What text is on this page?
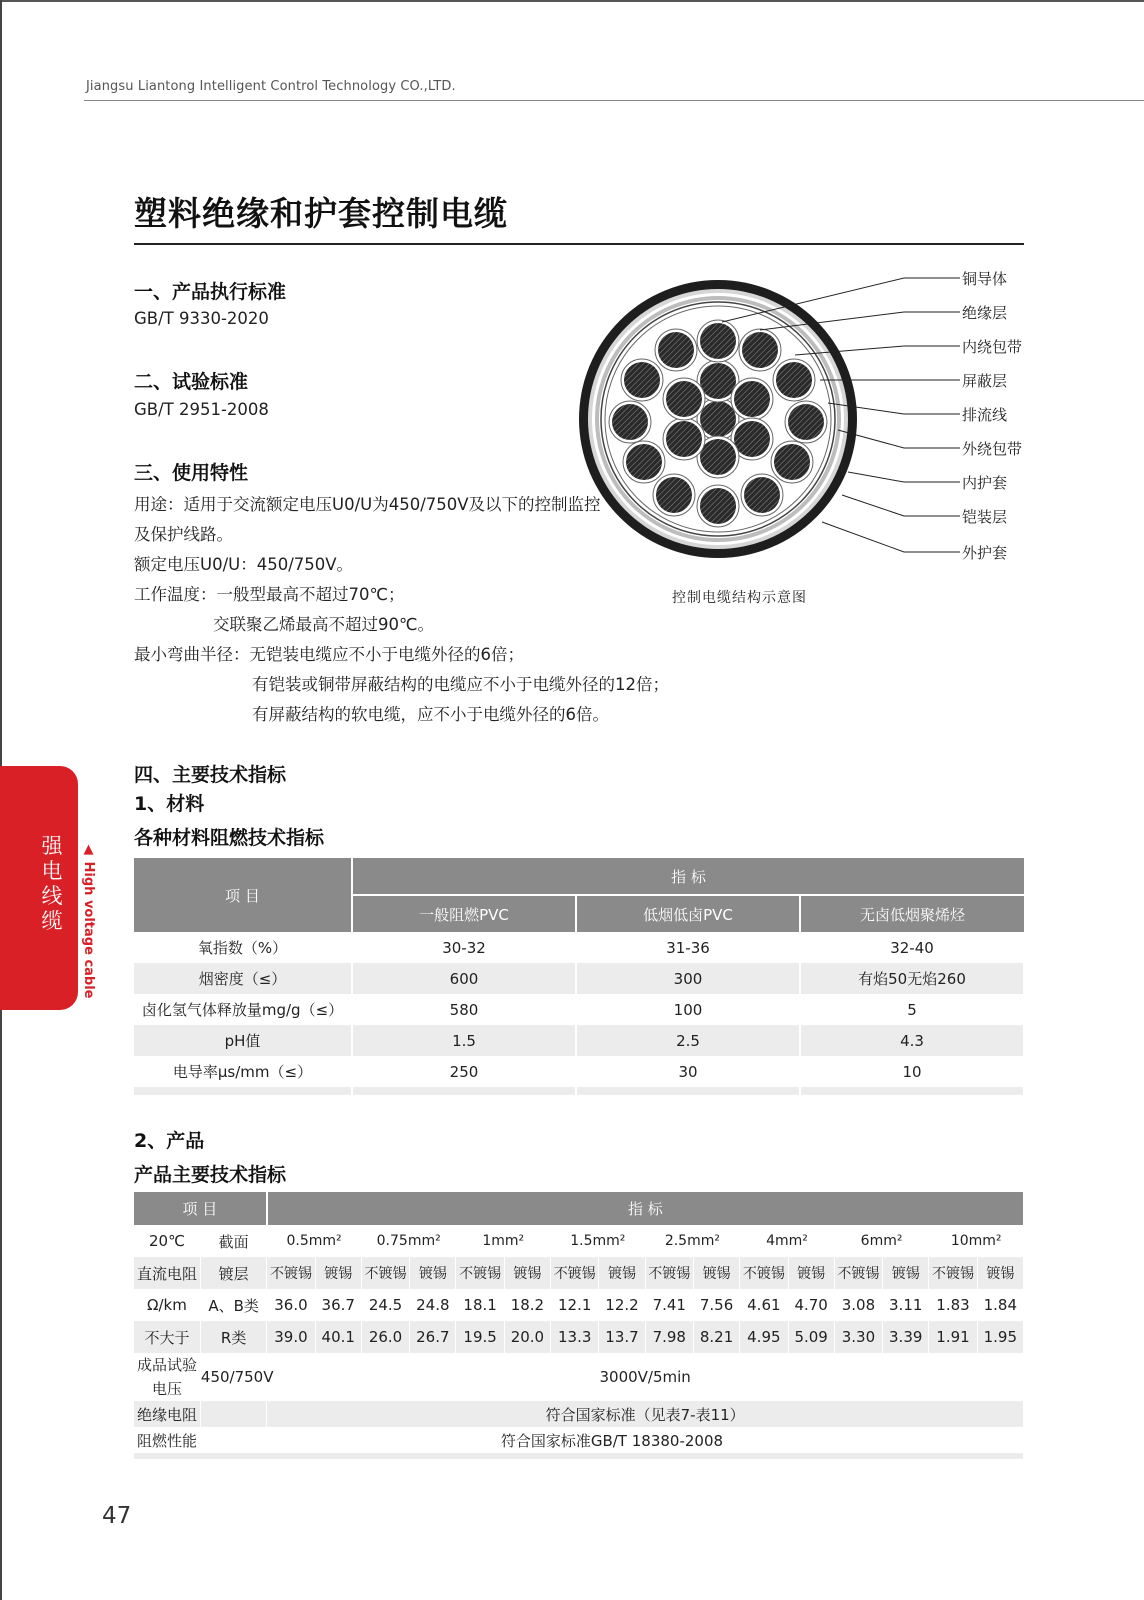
Jiangsu Liantong Intelligent Control Technology CO.,LTD.
塑料绝缘和护套控制电缆
一、产品执行标准
GB/T 9330-2020
二、试验标准
GB/T 2951-2008
三、使用特性
用途：适用于交流额定电压U0/U为450/750V及以下的控制监控
及保护线路。
额定电压U0/U：450/750V。
工作温度：一般型最高不超过70℃；
交联聚乙烯最高不超过90℃。
最小弯曲半径：无铠装电缆应不小于电缆外径的6倍；
有铠装或铜带屏蔽结构的电缆应不小于电缆外径的12倍；
有屏蔽结构的软电缆，应不小于电缆外径的6倍。
铜导体
绝缘层
内绕包带
屏蔽层
排流线
外绕包带
内护套
铠装层
外护套
控制电缆结构示意图
强电线缆 ▲ High voltage cable
四、主要技术指标
1、材料
各种材料阻燃技术指标
项 目	指 标		
	一般阻燃PVC	低烟低卤PVC	无卤低烟聚烯烃
氧指数（%）	30-32	31-36	32-40
烟密度（≤）	600	300	有焰50无焰260
卤化氢气体释放量mg/g（≤）	580	100	5
pH值	1.5	2.5	4.3
电导率μs/mm（≤）	250	30	10

2、产品
产品主要技术指标
项 目		指 标															
20℃	截面	0.5mm²		0.75mm²		1mm²		1.5mm²		2.5mm²		4mm²		6mm²		10mm²	
直流电阻	镀层	不镀锡	镀锡	不镀锡	镀锡	不镀锡	镀锡	不镀锡	镀锡	不镀锡	镀锡	不镀锡	镀锡	不镀锡	镀锡	不镀锡	镀锡
Ω/km	A、B类	36.0	36.7	24.5	24.8	18.1	18.2	12.1	12.2	7.41	7.56	4.61	4.70	3.08	3.11	1.83	1.84
不大于	R类	39.0	40.1	26.0	26.7	19.5	20.0	13.3	13.7	7.98	8.21	4.95	5.09	3.30	3.39	1.91	1.95
成品试验
电压	450/750V	3000V/5min															
绝缘电阻		符合国家标准（见表7-表11）															
阻燃性能	符合国家标准GB/T 18380-2008																

47
